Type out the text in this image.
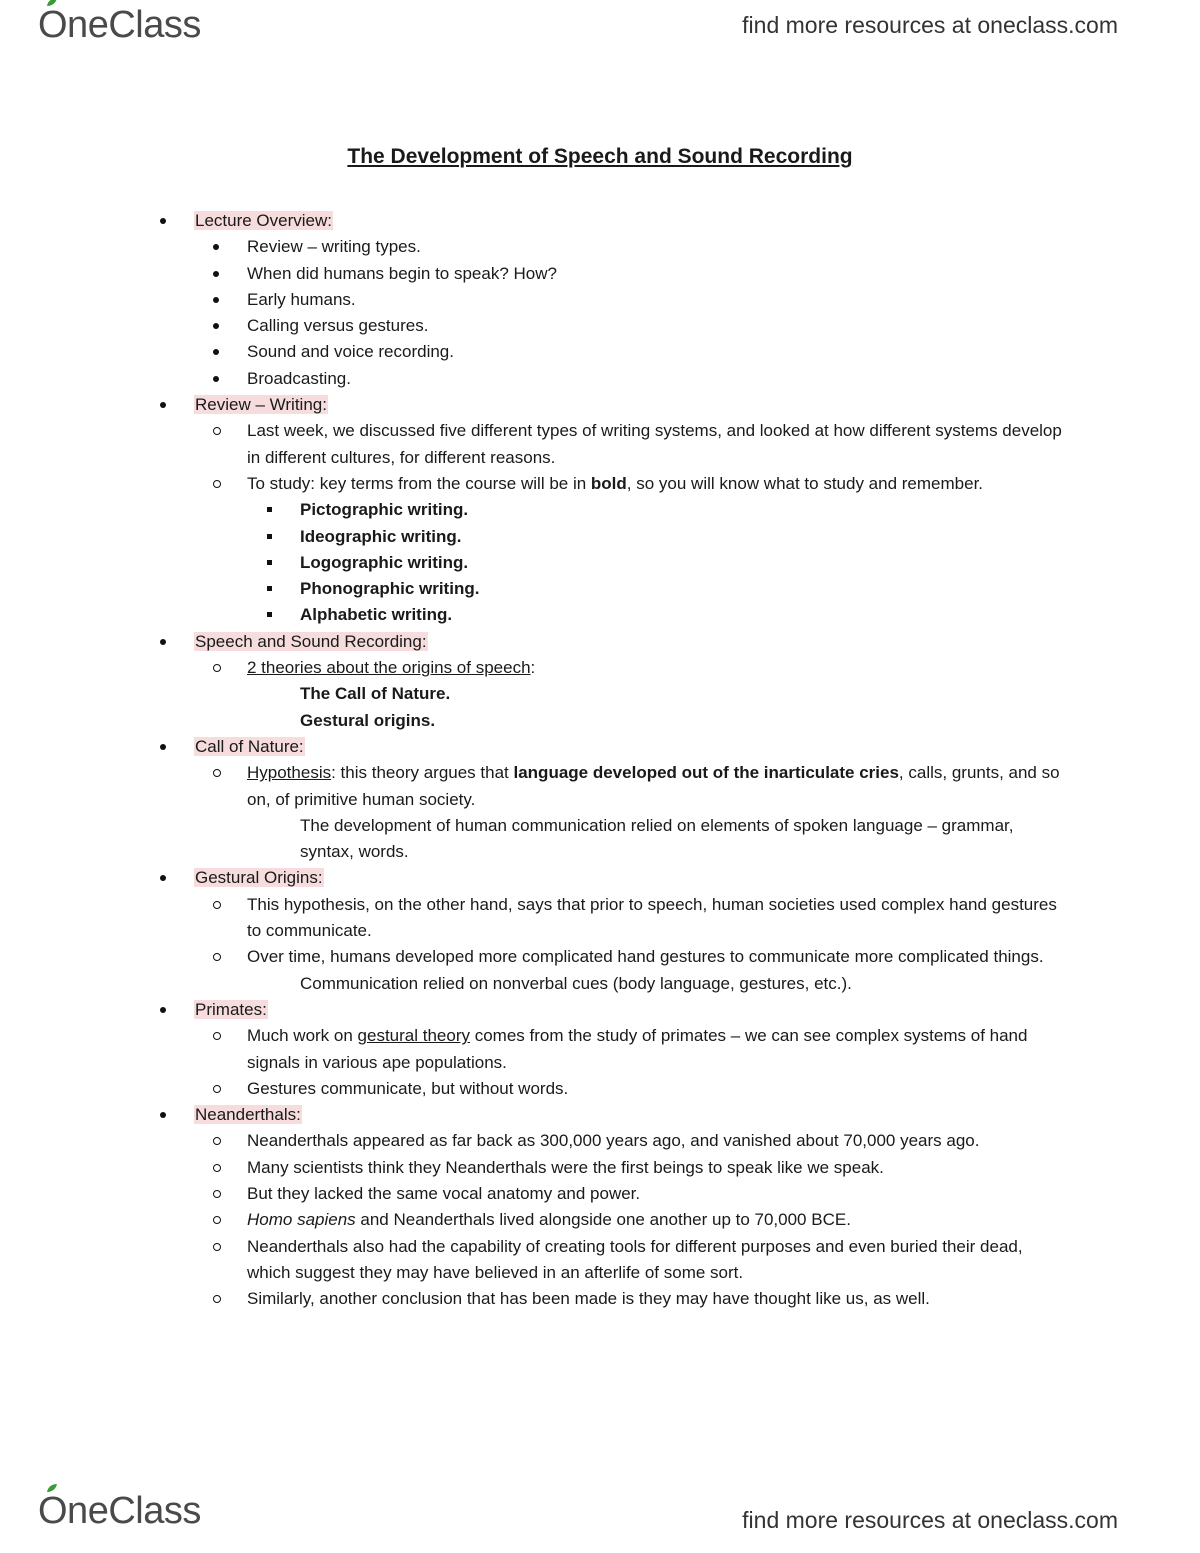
OneClass	find more resources at oneclass.com
The Development of Speech and Sound Recording
Lecture Overview:
Review – writing types.
When did humans begin to speak? How?
Early humans.
Calling versus gestures.
Sound and voice recording.
Broadcasting.
Review – Writing:
Last week, we discussed five different types of writing systems, and looked at how different systems develop in different cultures, for different reasons.
To study: key terms from the course will be in bold, so you will know what to study and remember.
Pictographic writing.
Ideographic writing.
Logographic writing.
Phonographic writing.
Alphabetic writing.
Speech and Sound Recording:
2 theories about the origins of speech:
The Call of Nature.
Gestural origins.
Call of Nature:
Hypothesis: this theory argues that language developed out of the inarticulate cries, calls, grunts, and so on, of primitive human society.
The development of human communication relied on elements of spoken language – grammar, syntax, words.
Gestural Origins:
This hypothesis, on the other hand, says that prior to speech, human societies used complex hand gestures to communicate.
Over time, humans developed more complicated hand gestures to communicate more complicated things.
Communication relied on nonverbal cues (body language, gestures, etc.).
Primates:
Much work on gestural theory comes from the study of primates – we can see complex systems of hand signals in various ape populations.
Gestures communicate, but without words.
Neanderthals:
Neanderthals appeared as far back as 300,000 years ago, and vanished about 70,000 years ago.
Many scientists think they Neanderthals were the first beings to speak like we speak.
But they lacked the same vocal anatomy and power.
Homo sapiens and Neanderthals lived alongside one another up to 70,000 BCE.
Neanderthals also had the capability of creating tools for different purposes and even buried their dead, which suggest they may have believed in an afterlife of some sort.
Similarly, another conclusion that has been made is they may have thought like us, as well.
OneClass	find more resources at oneclass.com
